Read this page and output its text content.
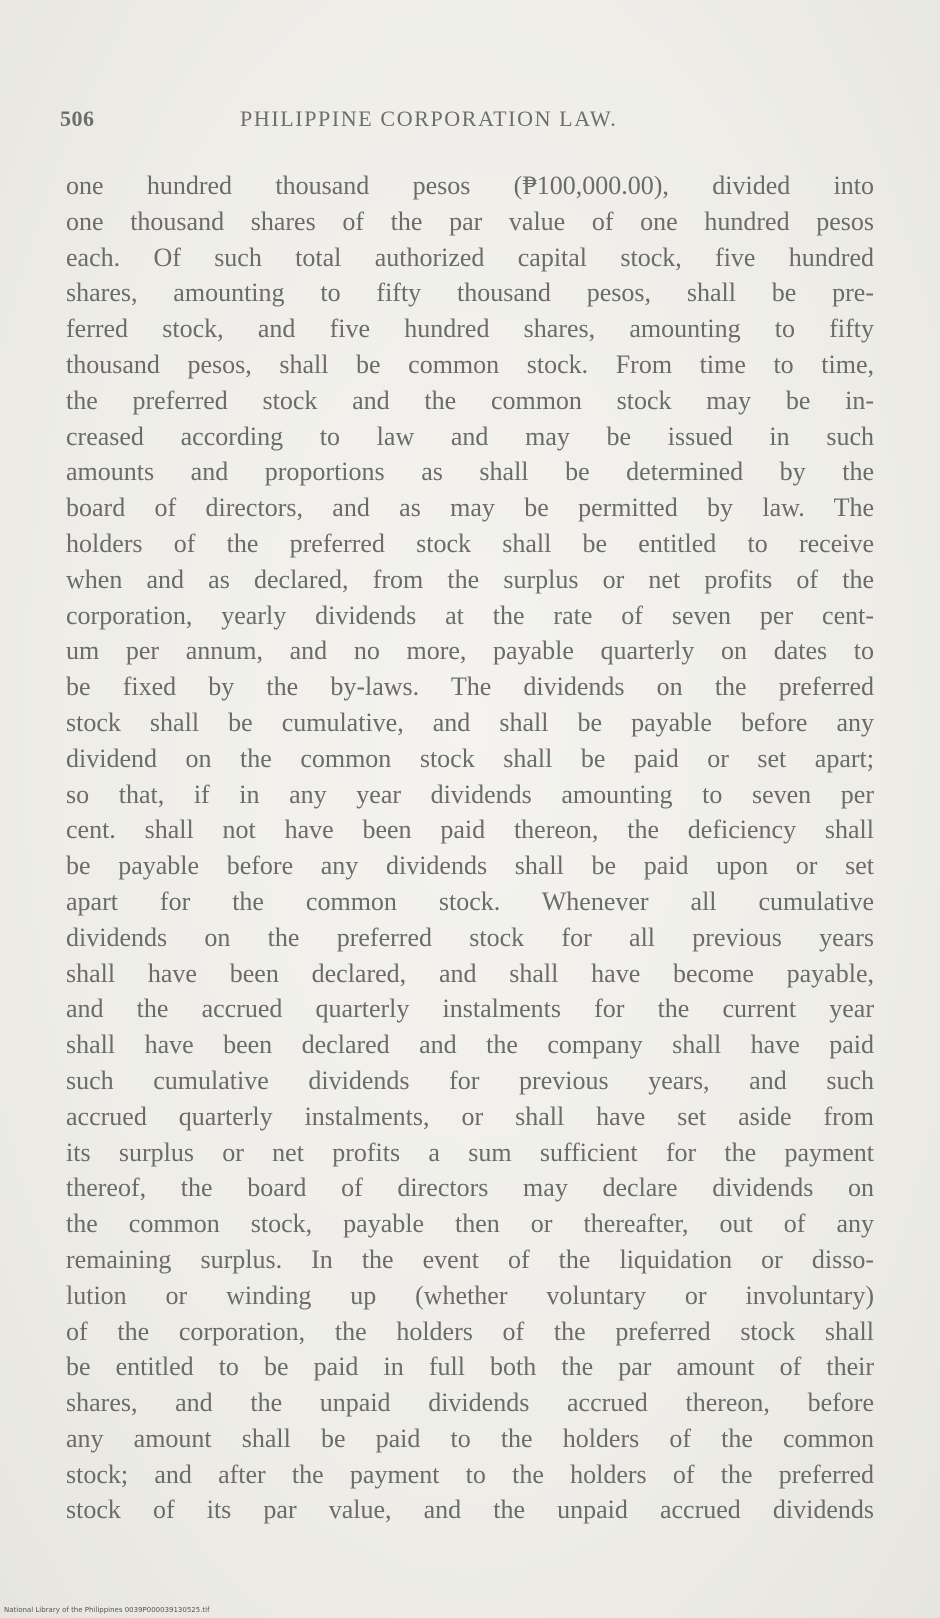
506	PHILIPPINE CORPORATION LAW.
one hundred thousand pesos (₱100,000.00), divided into
one thousand shares of the par value of one hundred pesos
each. Of such total authorized capital stock, five hundred
shares, amounting to fifty thousand pesos, shall be pre-
ferred stock, and five hundred shares, amounting to fifty
thousand pesos, shall be common stock. From time to time,
the preferred stock and the common stock may be in-
creased according to law and may be issued in such
amounts and proportions as shall be determined by the
board of directors, and as may be permitted by law. The
holders of the preferred stock shall be entitled to receive
when and as declared, from the surplus or net profits of the
corporation, yearly dividends at the rate of seven per cent-
um per annum, and no more, payable quarterly on dates to
be fixed by the by-laws. The dividends on the preferred
stock shall be cumulative, and shall be payable before any
dividend on the common stock shall be paid or set apart;
so that, if in any year dividends amounting to seven per
cent. shall not have been paid thereon, the deficiency shall
be payable before any dividends shall be paid upon or set
apart for the common stock. Whenever all cumulative
dividends on the preferred stock for all previous years
shall have been declared, and shall have become payable,
and the accrued quarterly instalments for the current year
shall have been declared and the company shall have paid
such cumulative dividends for previous years, and such
accrued quarterly instalments, or shall have set aside from
its surplus or net profits a sum sufficient for the payment
thereof, the board of directors may declare dividends on
the common stock, payable then or thereafter, out of any
remaining surplus. In the event of the liquidation or disso-
lution or winding up (whether voluntary or involuntary)
of the corporation, the holders of the preferred stock shall
be entitled to be paid in full both the par amount of their
shares, and the unpaid dividends accrued thereon, before
any amount shall be paid to the holders of the common
stock; and after the payment to the holders of the preferred
stock of its par value, and the unpaid accrued dividends
National Library of the Philippines 0039P000039130525.tif
